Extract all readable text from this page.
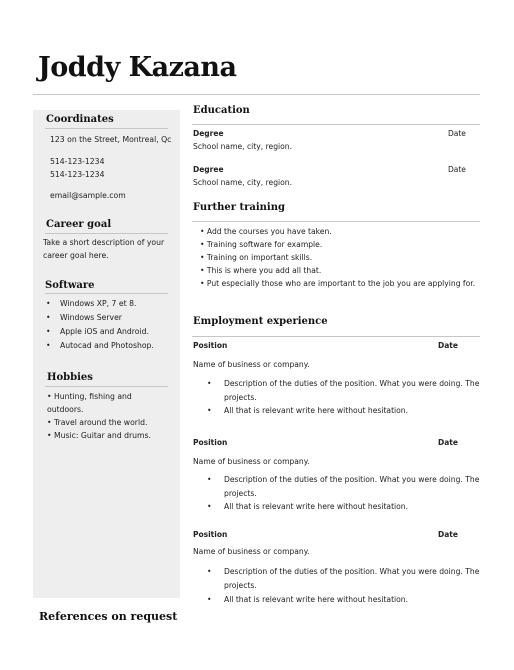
Joddy Kazana
Coordinates
123 on the Street, Montreal, Qc
514-123-1234
514-123-1234
email@sample.com
Career goal
Take a short description of your
career goal here.
Software
• Windows XP, 7 et 8.
• Windows Server
• Apple iOS and Android.
• Autocad and Photoshop.
Hobbies
• Hunting, fishing and
outdoors.
• Travel around the world.
• Music: Guitar and drums.
Education
Degree	Date
School name, city, region.
Degree	Date
School name, city, region.
Further training
• Add the courses you have taken.
• Training software for example.
• Training on important skills.
• This is where you add all that.
• Put especially those who are important to the job you are applying for.
Employment experience
Position	Date
Name of business or company.
•	Description of the duties of the position. What you were doing. The projects.
•	All that is relevant write here without hesitation.
Position	Date
Name of business or company.
•	Description of the duties of the position. What you were doing. The projects.
•	All that is relevant write here without hesitation.
Position	Date
Name of business or company.
•	Description of the duties of the position. What you were doing. The projects.
•	All that is relevant write here without hesitation.
References on request
